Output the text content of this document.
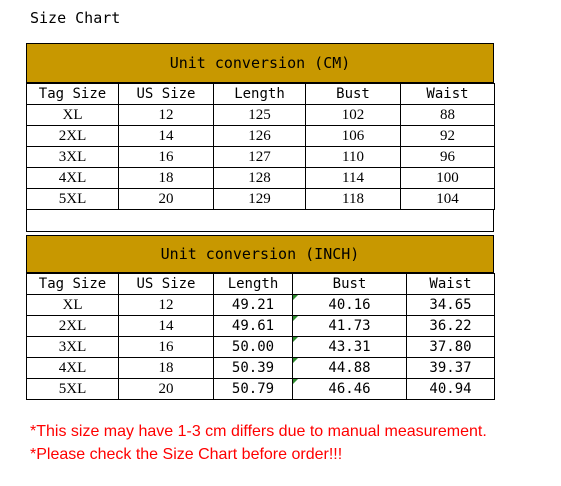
Size Chart
Unit conversion (CM)
Tag Size	US Size	Length	Bust	Waist
XL	12	125	102	88
2XL	14	126	106	92
3XL	16	127	110	96
4XL	18	128	114	100
5XL	20	129	118	104
Unit conversion (INCH)
Tag Size	US Size	Length	Bust	Waist
XL	12	49.21	40.16	34.65
2XL	14	49.61	41.73	36.22
3XL	16	50.00	43.31	37.80
4XL	18	50.39	44.88	39.37
5XL	20	50.79	46.46	40.94
*This size may have 1-3 cm differs due to manual measurement.
*Please check the Size Chart before order!!!
